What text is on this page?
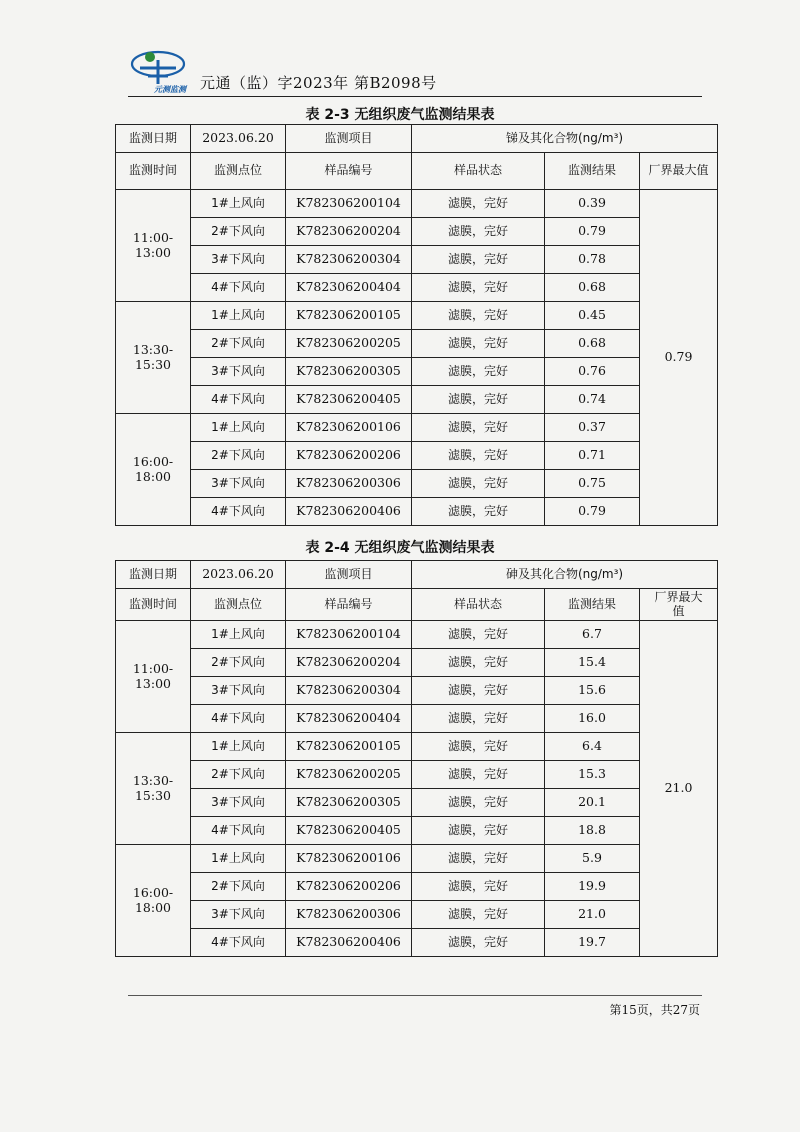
元测监测 元通（监）字2023年 第B2098号
表 2-3 无组织废气监测结果表
监测日期	2023.06.20	监测项目	锑及其化合物(ng/m³)		
监测时间	监测点位	样品编号	样品状态	监测结果	厂界最大值
11:00-13:00	1#上风向	K782306200104	滤膜，完好	0.39	0.79
	2#下风向	K782306200204	滤膜，完好	0.79	
	3#下风向	K782306200304	滤膜，完好	0.78	
	4#下风向	K782306200404	滤膜，完好	0.68	
13:30-15:30	1#上风向	K782306200105	滤膜，完好	0.45	
	2#下风向	K782306200205	滤膜，完好	0.68	
	3#下风向	K782306200305	滤膜，完好	0.76	
	4#下风向	K782306200405	滤膜，完好	0.74	
16:00-18:00	1#上风向	K782306200106	滤膜，完好	0.37	
	2#下风向	K782306200206	滤膜，完好	0.71	
	3#下风向	K782306200306	滤膜，完好	0.75	
	4#下风向	K782306200406	滤膜，完好	0.79	
表 2-4 无组织废气监测结果表
监测日期	2023.06.20	监测项目	砷及其化合物(ng/m³)		
监测时间	监测点位	样品编号	样品状态	监测结果	厂界最大值
11:00-13:00	1#上风向	K782306200104	滤膜，完好	6.7	21.0
	2#下风向	K782306200204	滤膜，完好	15.4	
	3#下风向	K782306200304	滤膜，完好	15.6	
	4#下风向	K782306200404	滤膜，完好	16.0	
13:30-15:30	1#上风向	K782306200105	滤膜，完好	6.4	
	2#下风向	K782306200205	滤膜，完好	15.3	
	3#下风向	K782306200305	滤膜，完好	20.1	
	4#下风向	K782306200405	滤膜，完好	18.8	
16:00-18:00	1#上风向	K782306200106	滤膜，完好	5.9	
	2#下风向	K782306200206	滤膜，完好	19.9	
	3#下风向	K782306200306	滤膜，完好	21.0	
	4#下风向	K782306200406	滤膜，完好	19.7	
第15页，共27页
